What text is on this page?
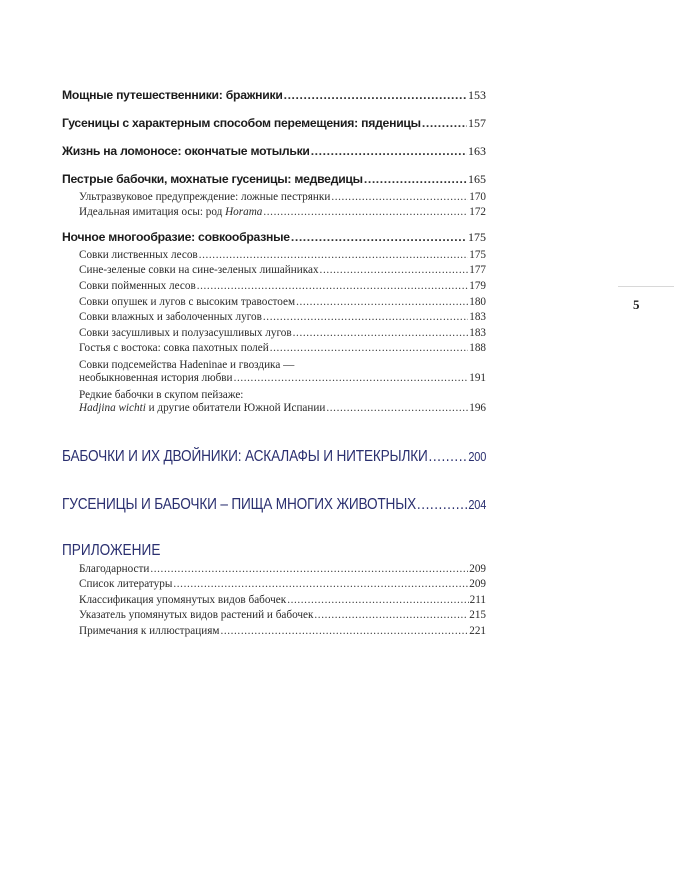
Мощные путешественники: бражники .....	153
Гусеницы с характерным способом перемещения: пяденицы .....	157
Жизнь на ломоносе: окончатые мотыльки .....	163
Пестрые бабочки, мохнатые гусеницы: медведицы .....	165
Ультразвуковое предупреждение: ложные пестрянки .....	170
Идеальная имитация осы: род Horama .....	172
Ночное многообразие: совкообразные .....	175
Совки лиственных лесов .....	175
Сине-зеленые совки на сине-зеленых лишайниках .....	177
Совки пойменных лесов .....	179
Совки опушек и лугов с высоким травостоем .....	180
Совки влажных и заболоченных лугов .....	183
Совки засушливых и полузасушливых лугов .....	183
Гостья с востока: совка пахотных полей .....	188
Совки подсемейства Hadeninae и гвоздика —
необыкновенная история любви .....	191
Редкие бабочки в скупом пейзаже:
Hadjina wichti и другие обитатели Южной Испании .....	196
БАБОЧКИ И ИХ ДВОЙНИКИ: АСКАЛАФЫ И НИТЕКРЫЛКИ .....	200
ГУСЕНИЦЫ И БАБОЧКИ – ПИЩА МНОГИХ ЖИВОТНЫХ .....	204
ПРИЛОЖЕНИЕ
Благодарности .....	209
Список литературы .....	209
Классификация упомянутых видов бабочек .....	211
Указатель упомянутых видов растений и бабочек .....	215
Примечания к иллюстрациям .....	221
5
